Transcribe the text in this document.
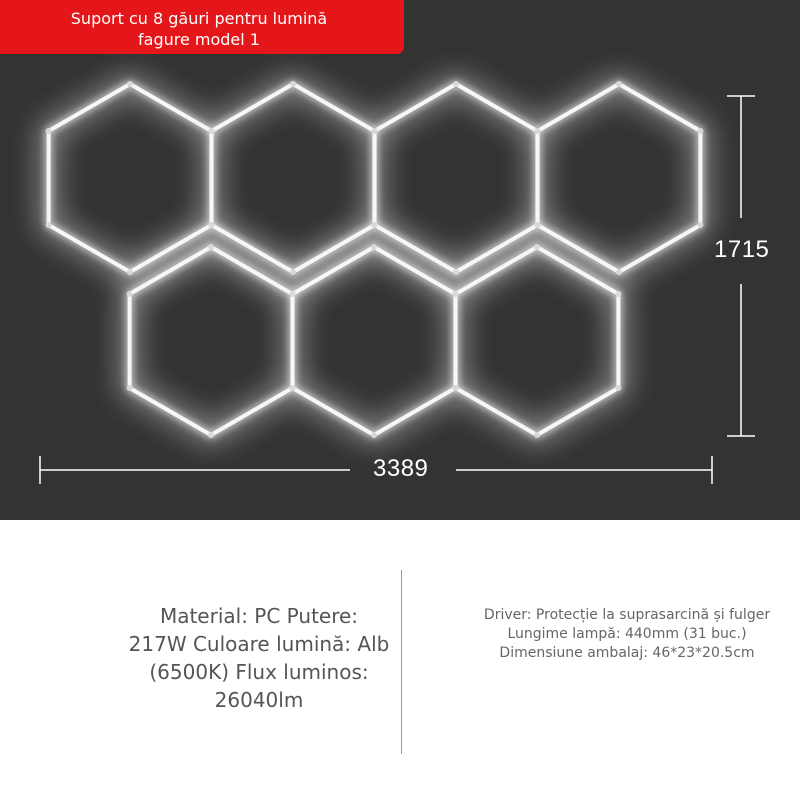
Suport cu 8 găuri pentru lumină
fagure model 1
1715
3389
Material: PC Putere: 217W Culoare lumină: Alb (6500K) Flux luminos: 26040lm
Driver: Protecție la suprasarcină și fulger
Lungime lampă: 440mm (31 buc.)
Dimensiune ambalaj: 46*23*20.5cm
